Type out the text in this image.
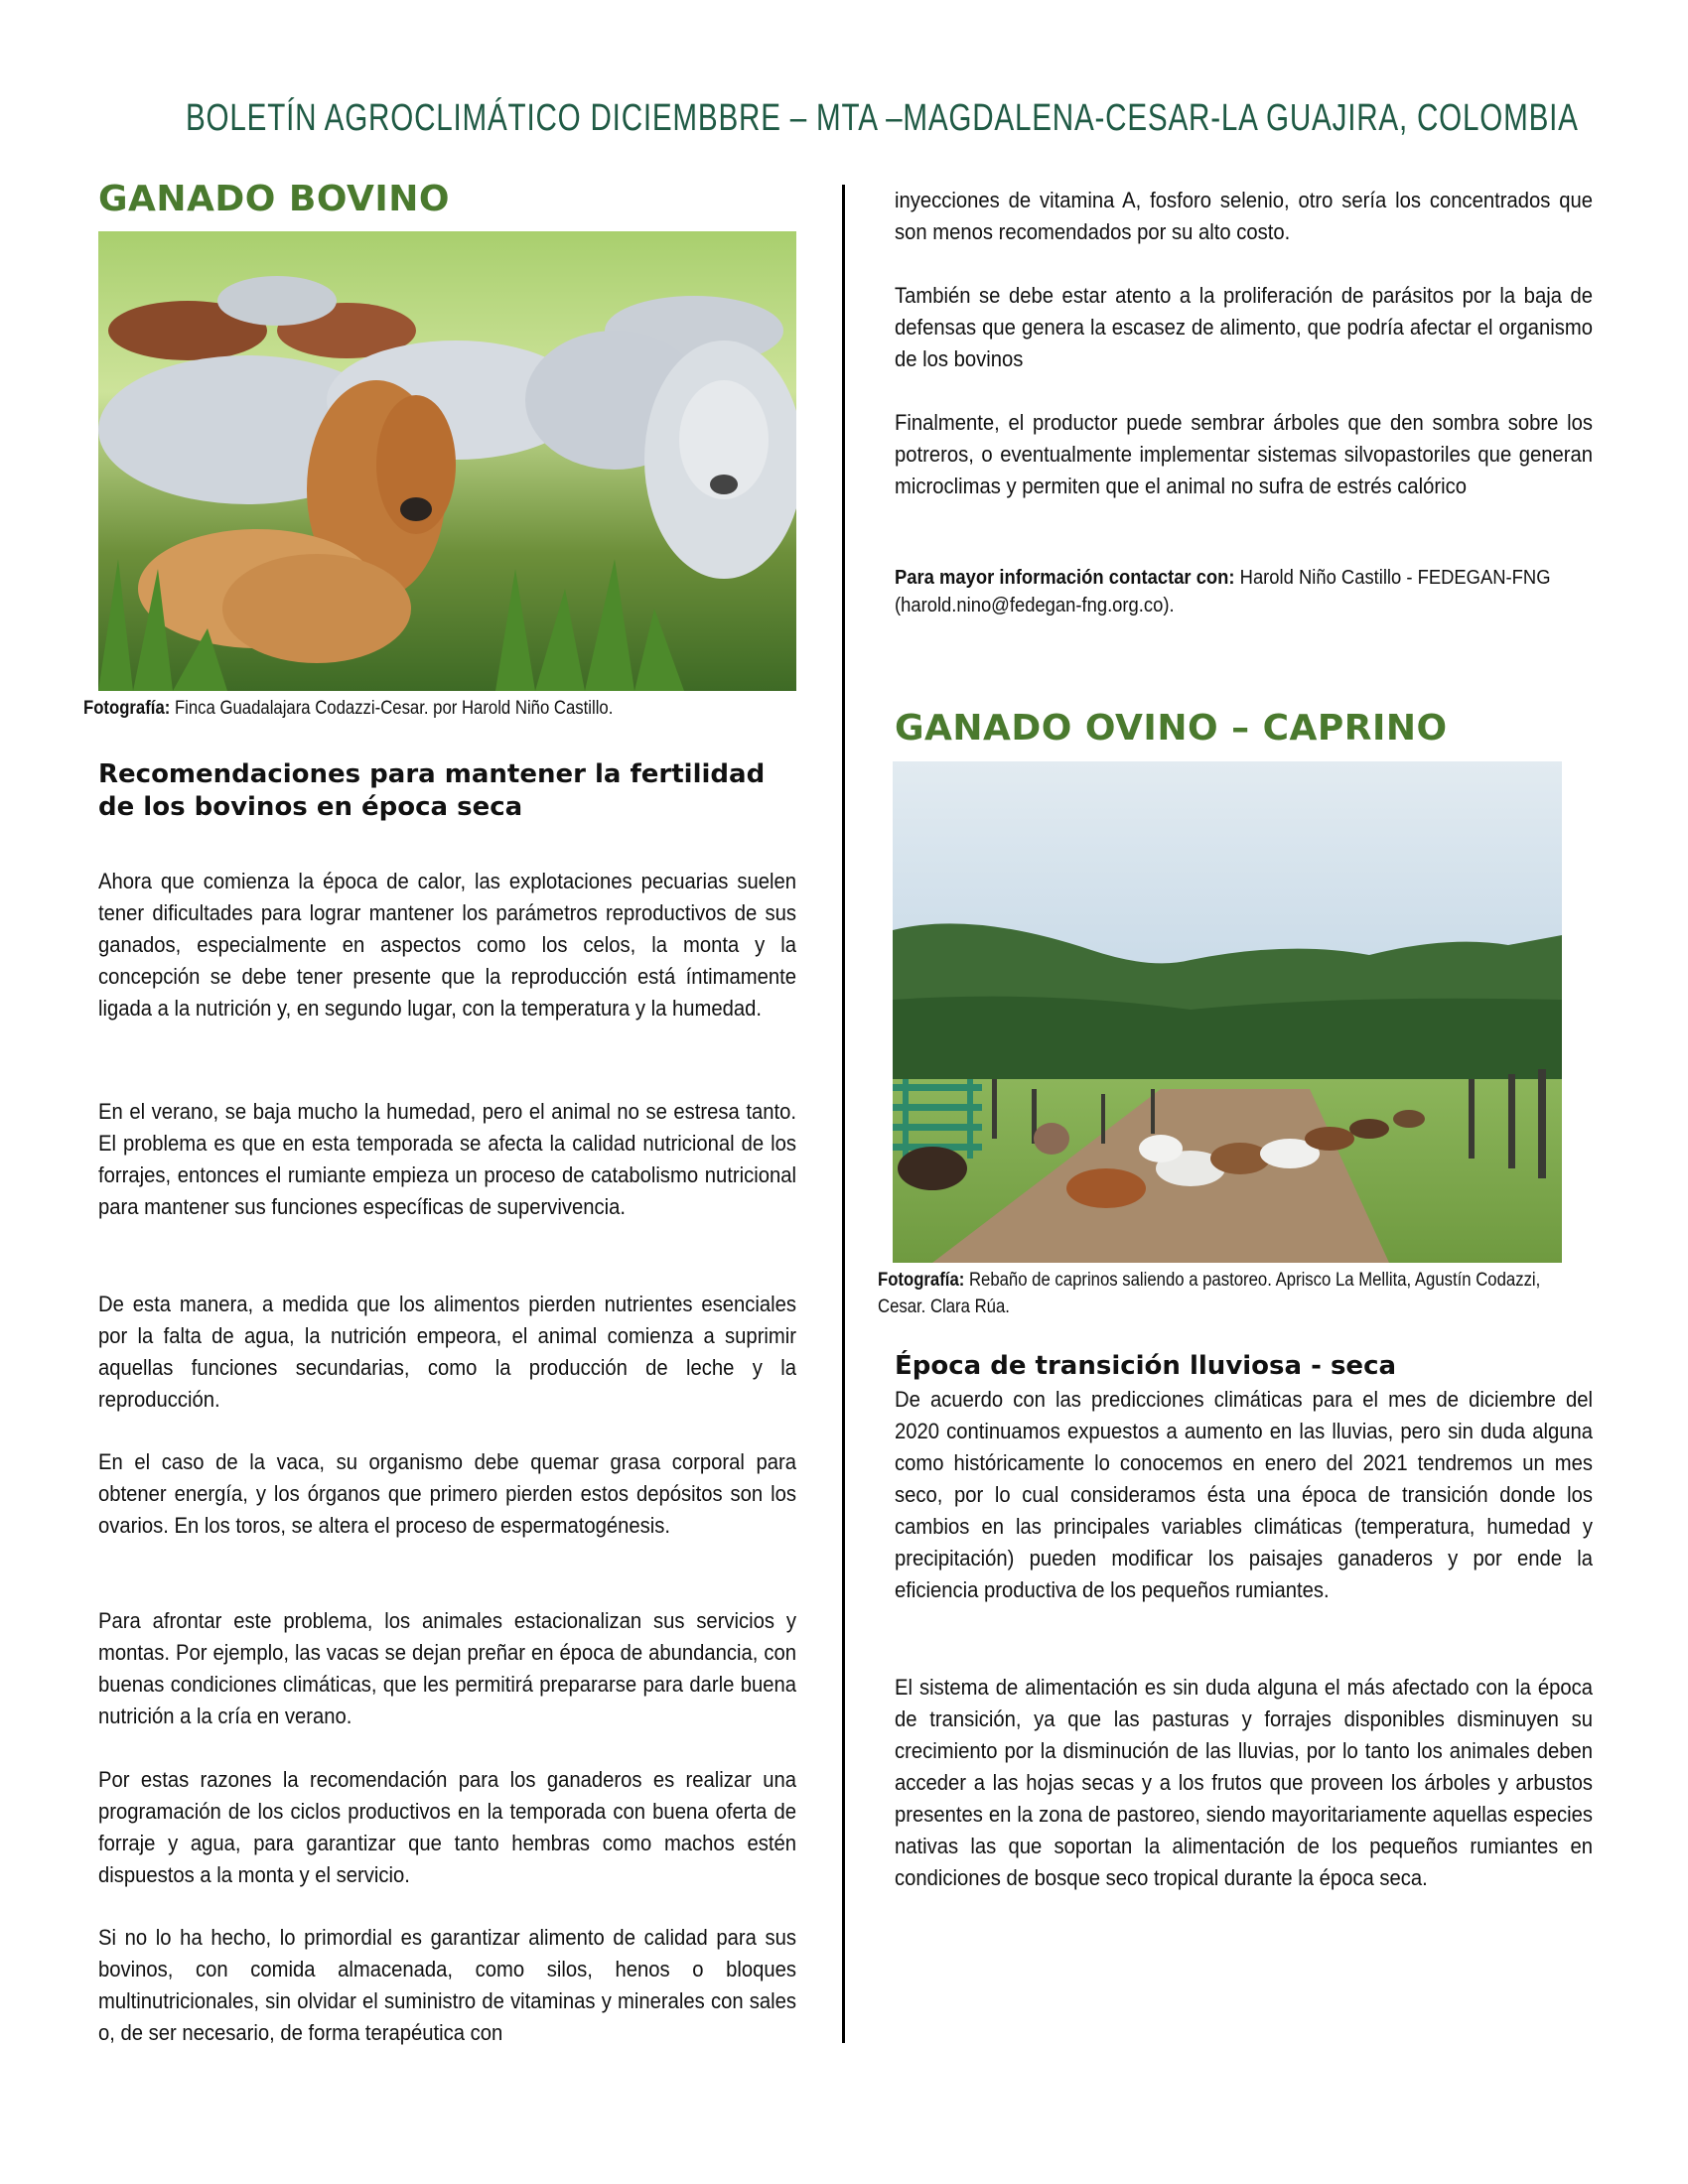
BOLETÍN AGROCLIMÁTICO DICIEMBBRE – MTA –MAGDALENA-CESAR-LA GUAJIRA, COLOMBIA
GANADO BOVINO
Fotografía: Finca Guadalajara Codazzi-Cesar. por Harold Niño Castillo.
Recomendaciones para mantener la fertilidad de los bovinos en época seca
Ahora que comienza la época de calor, las explotaciones pecuarias suelen tener dificultades para lograr mantener los parámetros reproductivos de sus ganados, especialmente en aspectos como los celos, la monta y la concepción se debe tener presente que la reproducción está íntimamente ligada a la nutrición y, en segundo lugar, con la temperatura y la humedad.
En el verano, se baja mucho la humedad, pero el animal no se estresa tanto. El problema es que en esta temporada se afecta la calidad nutricional de los forrajes, entonces el rumiante empieza un proceso de catabolismo nutricional para mantener sus funciones específicas de supervivencia.
De esta manera, a medida que los alimentos pierden nutrientes esenciales por la falta de agua, la nutrición empeora, el animal comienza a suprimir aquellas funciones secundarias, como la producción de leche y la reproducción.
En el caso de la vaca, su organismo debe quemar grasa corporal para obtener energía, y los órganos que primero pierden estos depósitos son los ovarios. En los toros, se altera el proceso de espermatogénesis.
Para afrontar este problema, los animales estacionalizan sus servicios y montas. Por ejemplo, las vacas se dejan preñar en época de abundancia, con buenas condiciones climáticas, que les permitirá prepararse para darle buena nutrición a la cría en verano.
Por estas razones la recomendación para los ganaderos es realizar una programación de los ciclos productivos en la temporada con buena oferta de forraje y agua, para garantizar que tanto hembras como machos estén dispuestos a la monta y el servicio.
Si no lo ha hecho, lo primordial es garantizar alimento de calidad para sus bovinos, con comida almacenada, como silos, henos o bloques multinutricionales, sin olvidar el suministro de vitaminas y minerales con sales o, de ser necesario, de forma terapéutica con
inyecciones de vitamina A, fosforo selenio, otro sería los concentrados que son menos recomendados por su alto costo.
También se debe estar atento a la proliferación de parásitos por la baja de defensas que genera la escasez de alimento, que podría afectar el organismo de los bovinos
Finalmente, el productor puede sembrar árboles que den sombra sobre los potreros, o eventualmente implementar sistemas silvopastoriles que generan microclimas y permiten que el animal no sufra de estrés calórico
Para mayor información contactar con: Harold Niño Castillo - FEDEGAN-FNG (harold.nino@fedegan-fng.org.co).
GANADO OVINO – CAPRINO
Fotografía: Rebaño de caprinos saliendo a pastoreo. Aprisco La Mellita, Agustín Codazzi, Cesar. Clara Rúa.
Época de transición lluviosa - seca
De acuerdo con las predicciones climáticas para el mes de diciembre del 2020 continuamos expuestos a aumento en las lluvias, pero sin duda alguna como históricamente lo conocemos en enero del 2021 tendremos un mes seco, por lo cual consideramos ésta una época de transición donde los cambios en las principales variables climáticas (temperatura, humedad y precipitación) pueden modificar los paisajes ganaderos y por ende la eficiencia productiva de los pequeños rumiantes.
El sistema de alimentación es sin duda alguna el más afectado con la época de transición, ya que las pasturas y forrajes disponibles disminuyen su crecimiento por la disminución de las lluvias, por lo tanto los animales deben acceder a las hojas secas y a los frutos que proveen los árboles y arbustos presentes en la zona de pastoreo, siendo mayoritariamente aquellas especies nativas las que soportan la alimentación de los pequeños rumiantes en condiciones de bosque seco tropical durante la época seca.
